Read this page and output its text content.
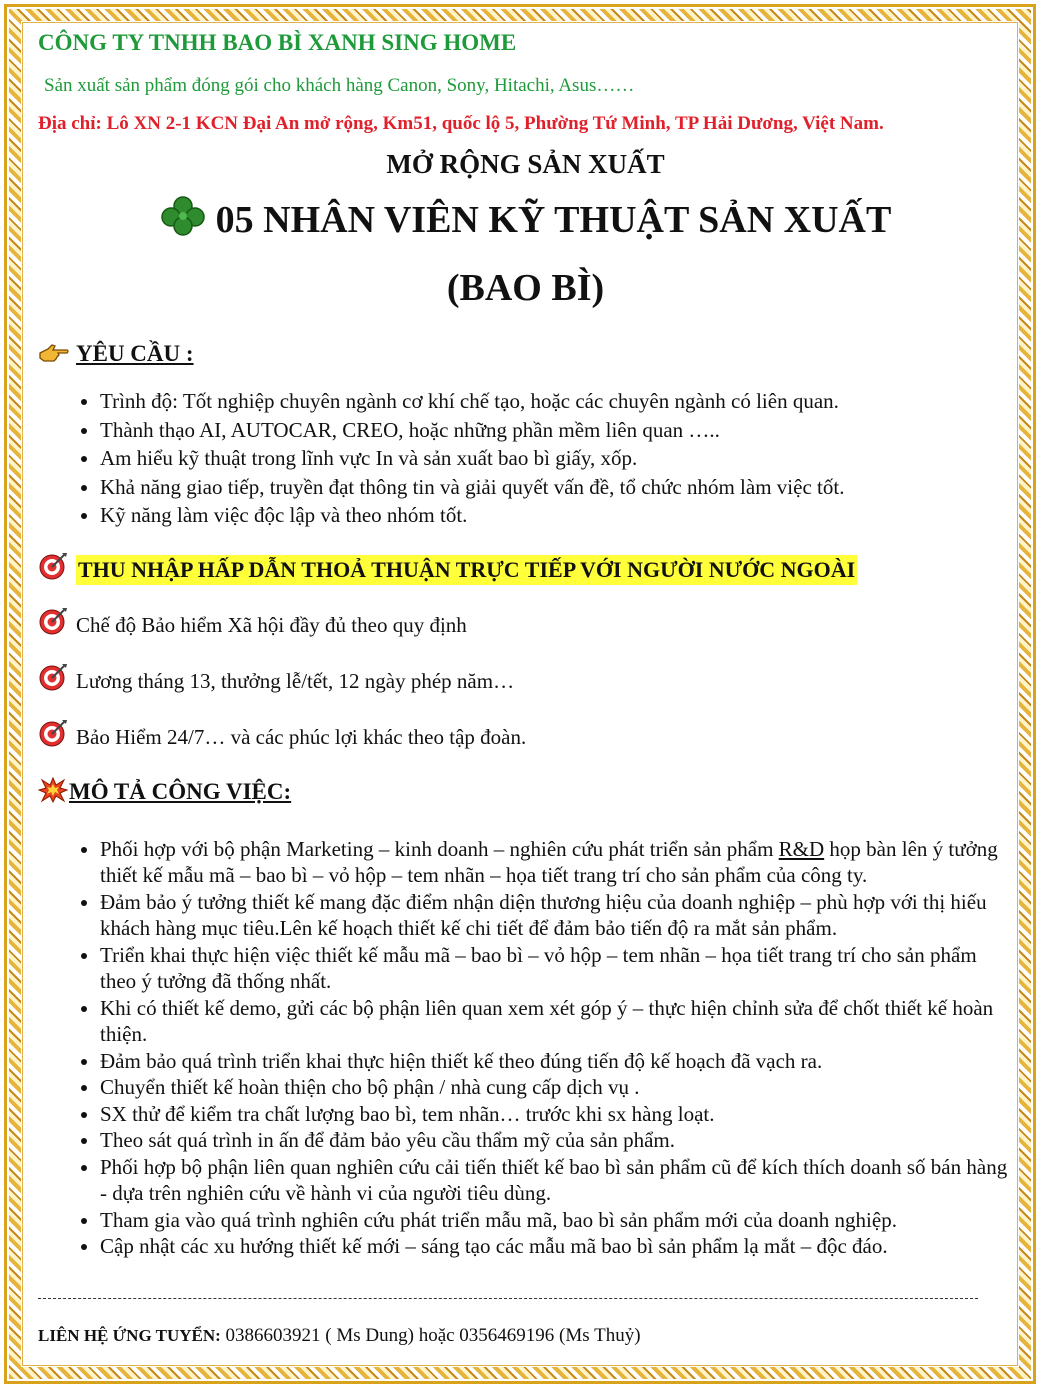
CÔNG TY TNHH BAO BÌ XANH SING HOME

Sản xuất sản phẩm đóng gói cho khách hàng Canon, Sony, Hitachi, Asus……

Địa chỉ: Lô XN 2-1 KCN Đại An mở rộng, Km51, quốc lộ 5, Phường Tứ Minh, TP Hải Dương, Việt Nam.

MỞ RỘNG SẢN XUẤT

05 NHÂN VIÊN KỸ THUẬT SẢN XUẤT

(BAO BÌ)

YÊU CẦU :

• Trình độ: Tốt nghiệp chuyên ngành cơ khí chế tạo, hoặc các chuyên ngành có liên quan.
• Thành thạo AI, AUTOCAR, CREO, hoặc những phần mềm liên quan …..
• Am hiểu kỹ thuật trong lĩnh vực In và sản xuất bao bì giấy, xốp.
• Khả năng giao tiếp, truyền đạt thông tin và giải quyết vấn đề, tổ chức nhóm làm việc tốt.
• Kỹ năng làm việc độc lập và theo nhóm tốt.
THU NHẬP HẤP DẪN THOẢ THUẬN TRỰC TIẾP VỚI NGƯỜI NƯỚC NGOÀI
Chế độ Bảo hiểm Xã hội đầy đủ theo quy định
Lương tháng 13, thưởng lễ/tết, 12 ngày phép năm…
Bảo Hiểm 24/7… và các phúc lợi khác theo tập đoàn.

MÔ TẢ CÔNG VIỆC:

• Phối hợp với bộ phận Marketing – kinh doanh – nghiên cứu phát triển sản phẩm R&D họp bàn lên ý tưởng thiết kế mẫu mã – bao bì – vỏ hộp – tem nhãn – họa tiết trang trí cho sản phẩm của công ty.
• Đảm bảo ý tưởng thiết kế mang đặc điểm nhận diện thương hiệu của doanh nghiệp – phù hợp với thị hiếu khách hàng mục tiêu.Lên kế hoạch thiết kế chi tiết để đảm bảo tiến độ ra mắt sản phẩm.
• Triển khai thực hiện việc thiết kế mẫu mã – bao bì – vỏ hộp – tem nhãn – họa tiết trang trí cho sản phẩm theo ý tưởng đã thống nhất.
• Khi có thiết kế demo, gửi các bộ phận liên quan xem xét góp ý – thực hiện chỉnh sửa để chốt thiết kế hoàn thiện.
• Đảm bảo quá trình triển khai thực hiện thiết kế theo đúng tiến độ kế hoạch đã vạch ra.
• Chuyển thiết kế hoàn thiện cho bộ phận / nhà cung cấp dịch vụ .
• SX thử để kiểm tra chất lượng bao bì, tem nhãn… trước khi sx hàng loạt.
• Theo sát quá trình in ấn để đảm bảo yêu cầu thẩm mỹ của sản phẩm.
• Phối hợp bộ phận liên quan nghiên cứu cải tiến thiết kế bao bì sản phẩm cũ để kích thích doanh số bán hàng - dựa trên nghiên cứu về hành vi của người tiêu dùng.
• Tham gia vào quá trình nghiên cứu phát triển mẫu mã, bao bì sản phẩm mới của doanh nghiệp.
• Cập nhật các xu hướng thiết kế mới – sáng tạo các mẫu mã bao bì sản phẩm lạ mắt – độc đáo.
LIÊN HỆ ỨNG TUYỂN: 0386603921 ( Ms Dung) hoặc 0356469196 (Ms Thuỷ)
